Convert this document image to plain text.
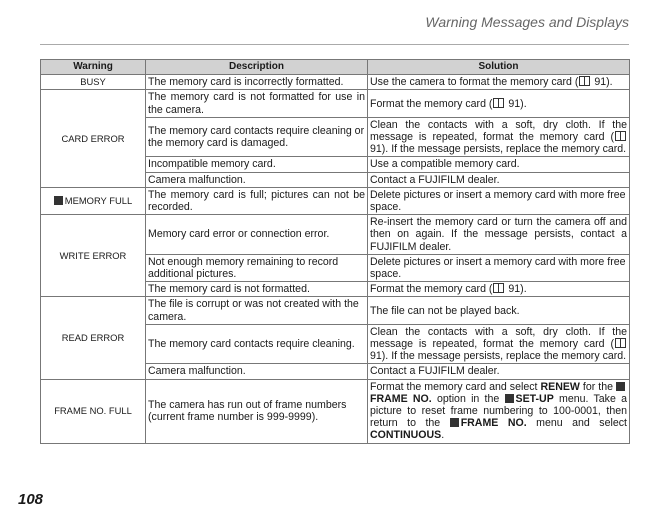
Warning Messages and Displays
Warning	Description	Solution
BUSY	The memory card is incorrectly formatted.	Use the camera to format the memory card ( 91).
CARD ERROR	The memory card is not formatted for use in the camera.	Format the memory card ( 91).
	The memory card contacts require cleaning or the memory card is damaged.	Clean the contacts with a soft, dry cloth. If the message is repeated, format the memory card ( 91). If the message persists, replace the memory card.
	Incompatible memory card.	Use a compatible memory card.
	Camera malfunction.	Contact a FUJIFILM dealer.
MEMORY FULL	The memory card is full; pictures can not be recorded.	Delete pictures or insert a memory card with more free space.
WRITE ERROR	Memory card error or connection error.	Re-insert the memory card or turn the camera off and then on again. If the message persists, contact a FUJIFILM dealer.
	Not enough memory remaining to record additional pictures.	Delete pictures or insert a memory card with more free space.
	The memory card is not formatted.	Format the memory card ( 91).
READ ERROR	The file is corrupt or was not created with the camera.	The file can not be played back.
	The memory card contacts require cleaning.	Clean the contacts with a soft, dry cloth. If the message is repeated, format the memory card ( 91). If the message persists, replace the memory card.
	Camera malfunction.	Contact a FUJIFILM dealer.
FRAME NO. FULL	The camera has run out of frame numbers (current frame number is 999-9999).	Format the memory card and select RENEW for the FRAME NO. option in the SET-UP menu. Take a picture to reset frame numbering to 100-0001, then return to the FRAME NO. menu and select CONTINUOUS.
108
